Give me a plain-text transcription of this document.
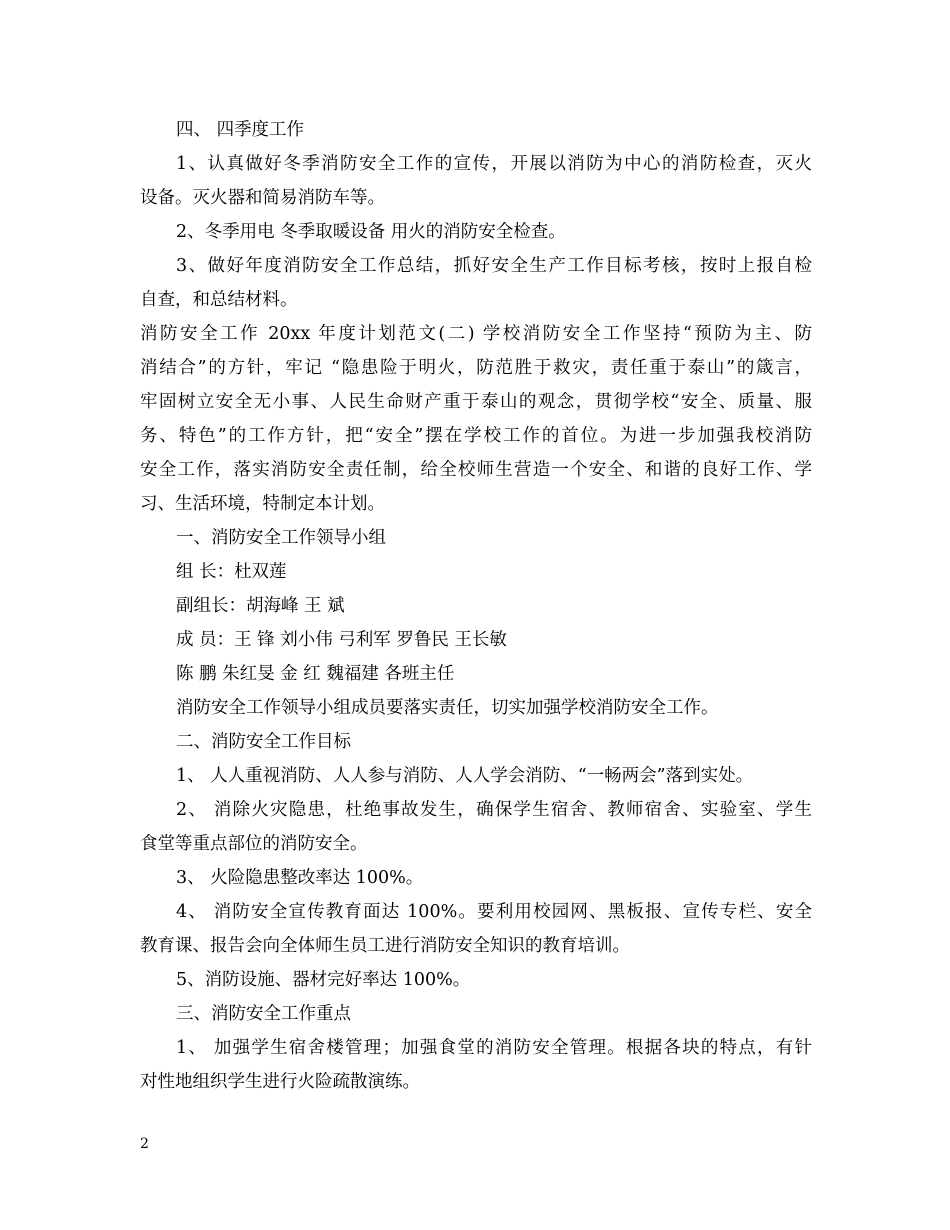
四、 四季度工作
1、认真做好冬季消防安全工作的宣传，开展以消防为中心的消防检查，灭火
设备。灭火器和简易消防车等。
2、冬季用电 冬季取暖设备 用火的消防安全检查。
3、做好年度消防安全工作总结，抓好安全生产工作目标考核，按时上报自检
自查，和总结材料。
消防安全工作 20xx 年度计划范文(二) 学校消防安全工作坚持“预防为主、防
消结合”的方针，牢记 “隐患险于明火，防范胜于救灾，责任重于泰山”的箴言，
牢固树立安全无小事、人民生命财产重于泰山的观念，贯彻学校“安全、质量、服
务、特色”的工作方针，把“安全”摆在学校工作的首位。为进一步加强我校消防
安全工作，落实消防安全责任制，给全校师生营造一个安全、和谐的良好工作、学
习、生活环境，特制定本计划。
一、消防安全工作领导小组
组 长：杜双莲
副组长：胡海峰 王 斌
成 员：王 锋 刘小伟 弓利军 罗鲁民 王长敏
陈 鹏 朱红旻 金 红 魏福建 各班主任
消防安全工作领导小组成员要落实责任，切实加强学校消防安全工作。
二、消防安全工作目标
1、 人人重视消防、人人参与消防、人人学会消防、“一畅两会”落到实处。
2、 消除火灾隐患，杜绝事故发生，确保学生宿舍、教师宿舍、实验室、学生
食堂等重点部位的消防安全。
3、 火险隐患整改率达 100%。
4、 消防安全宣传教育面达 100%。要利用校园网、黑板报、宣传专栏、安全
教育课、报告会向全体师生员工进行消防安全知识的教育培训。
5、消防设施、器材完好率达 100%。
三、消防安全工作重点
1、 加强学生宿舍楼管理；加强食堂的消防安全管理。根据各块的特点，有针
对性地组织学生进行火险疏散演练。
2
